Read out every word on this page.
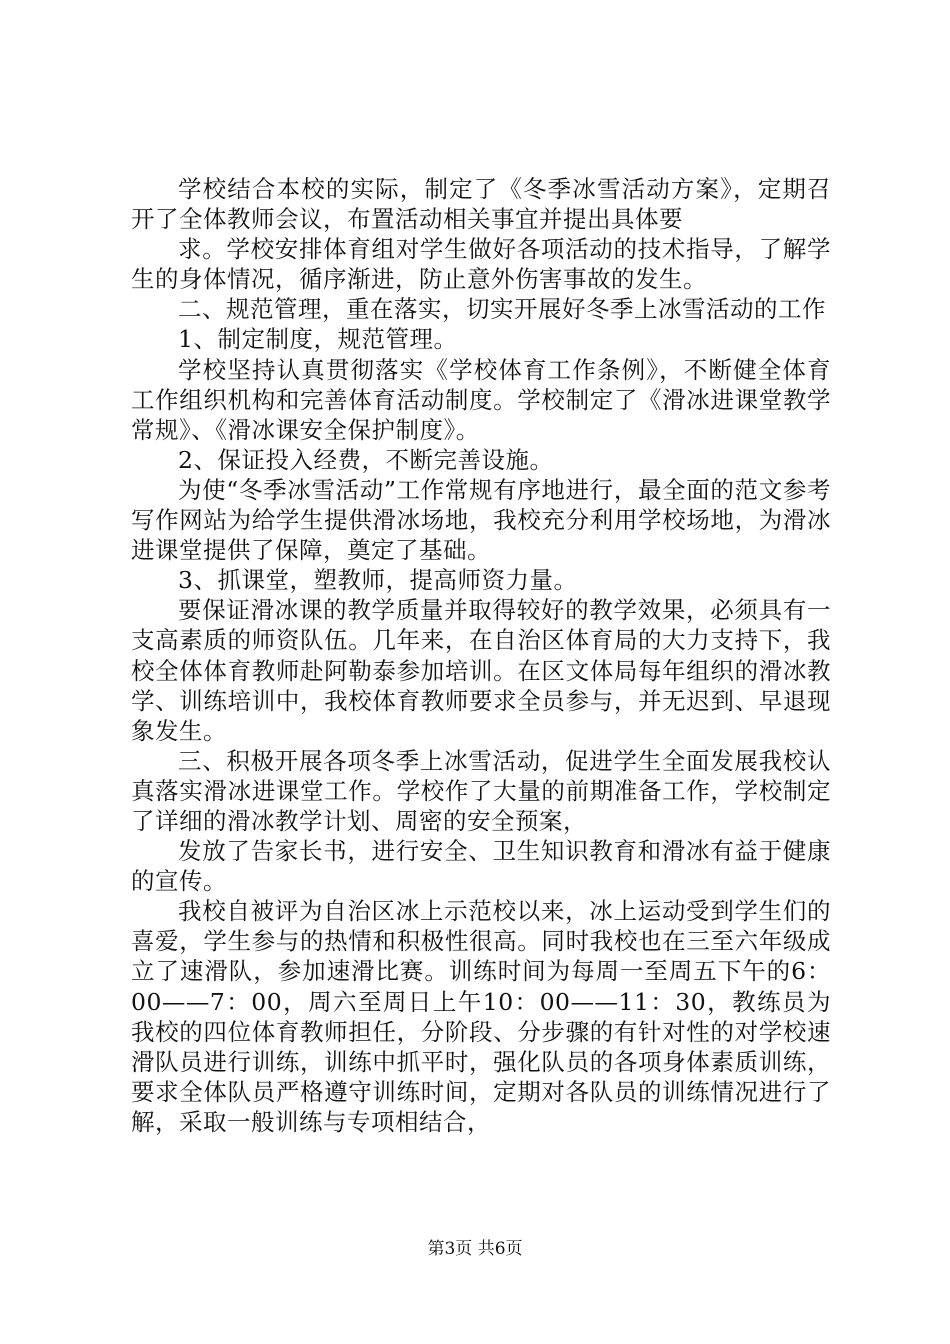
学校结合本校的实际，制定了《冬季冰雪活动方案》，定期召开了全体教师会议，布置活动相关事宜并提出具体要

求。学校安排体育组对学生做好各项活动的技术指导，了解学生的身体情况，循序渐进，防止意外伤害事故的发生。

二、规范管理，重在落实，切实开展好冬季上冰雪活动的工作

1、制定制度，规范管理。

学校坚持认真贯彻落实《学校体育工作条例》，不断健全体育工作组织机构和完善体育活动制度。学校制定了《滑冰进课堂教学常规》、《滑冰课安全保护制度》。

2、保证投入经费，不断完善设施。

为使“冬季冰雪活动”工作常规有序地进行，最全面的范文参考写作网站为给学生提供滑冰场地，我校充分利用学校场地，为滑冰进课堂提供了保障，奠定了基础。

3、抓课堂，塑教师，提高师资力量。

要保证滑冰课的教学质量并取得较好的教学效果，必须具有一支高素质的师资队伍。几年来，在自治区体育局的大力支持下，我校全体体育教师赴阿勒泰参加培训。在区文体局每年组织的滑冰教学、训练培训中，我校体育教师要求全员参与，并无迟到、早退现象发生。

三、积极开展各项冬季上冰雪活动，促进学生全面发展我校认真落实滑冰进课堂工作。学校作了大量的前期准备工作，学校制定了详细的滑冰教学计划、周密的安全预案，

发放了告家长书，进行安全、卫生知识教育和滑冰有益于健康的宣传。

我校自被评为自治区冰上示范校以来，冰上运动受到学生们的喜爱，学生参与的热情和积极性很高。同时我校也在三至六年级成立了速滑队，参加速滑比赛。训练时间为每周一至周五下午的6：00——7：00，周六至周日上午10：00——11：30，教练员为我校的四位体育教师担任，分阶段、分步骤的有针对性的对学校速滑队员进行训练，训练中抓平时，强化队员的各项身体素质训练，要求全体队员严格遵守训练时间，定期对各队员的训练情况进行了解，采取一般训练与专项相结合，

第3页 共6页
